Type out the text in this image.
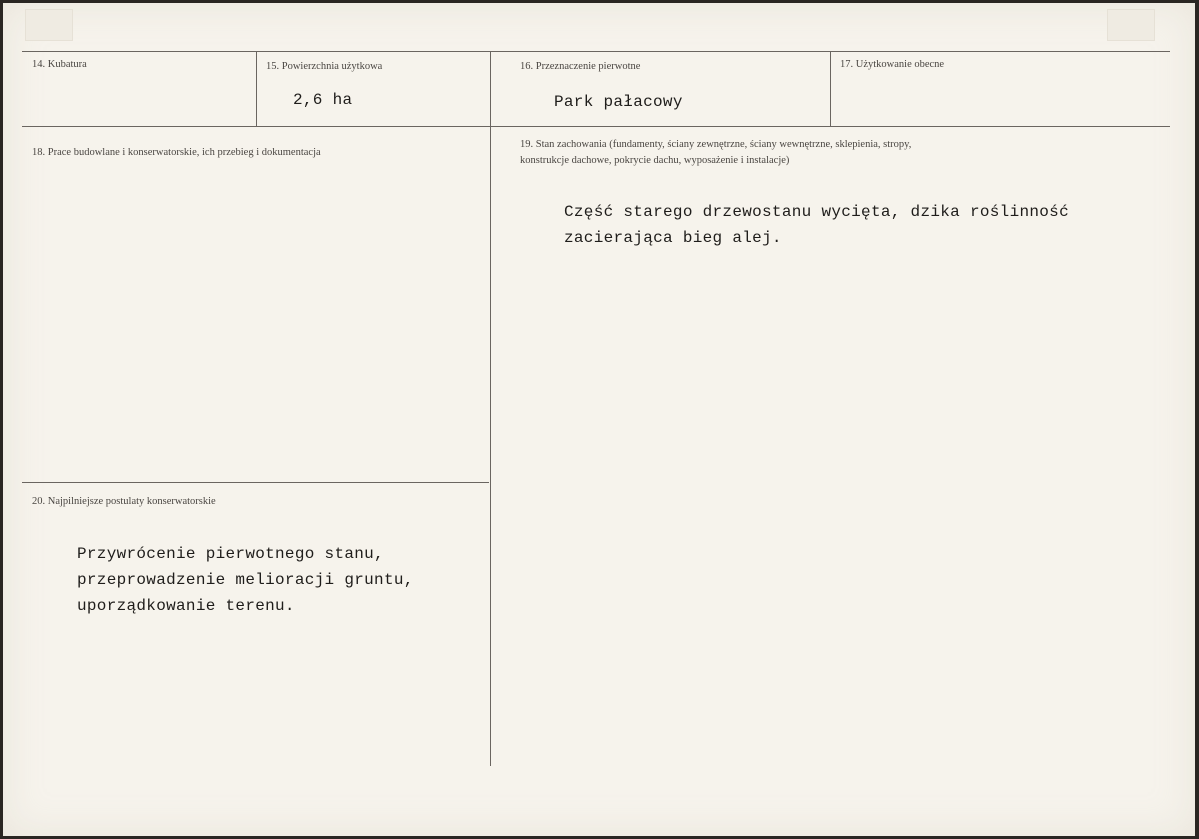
14. Kubatura	15. Powierzchnia użytkowa
2,6 ha
16. Przeznaczenie pierwotne
Park pałacowy
17. Użytkowanie obecne
18. Prace budowlane i konserwatorskie, ich przebieg i dokumentacja
19. Stan zachowania (fundamenty, ściany zewnętrzne, ściany wewnętrzne, sklepienia, stropy,
konstrukcje dachowe, pokrycie dachu, wyposażenie i instalacje)
Część starego drzewostanu wycięta, dzika roślinność
zacierająca bieg alej.
20. Najpilniejsze postulaty konserwatorskie
Przywrócenie pierwotnego stanu,
przeprowadzenie melioracji gruntu,
uporządkowanie terenu.
